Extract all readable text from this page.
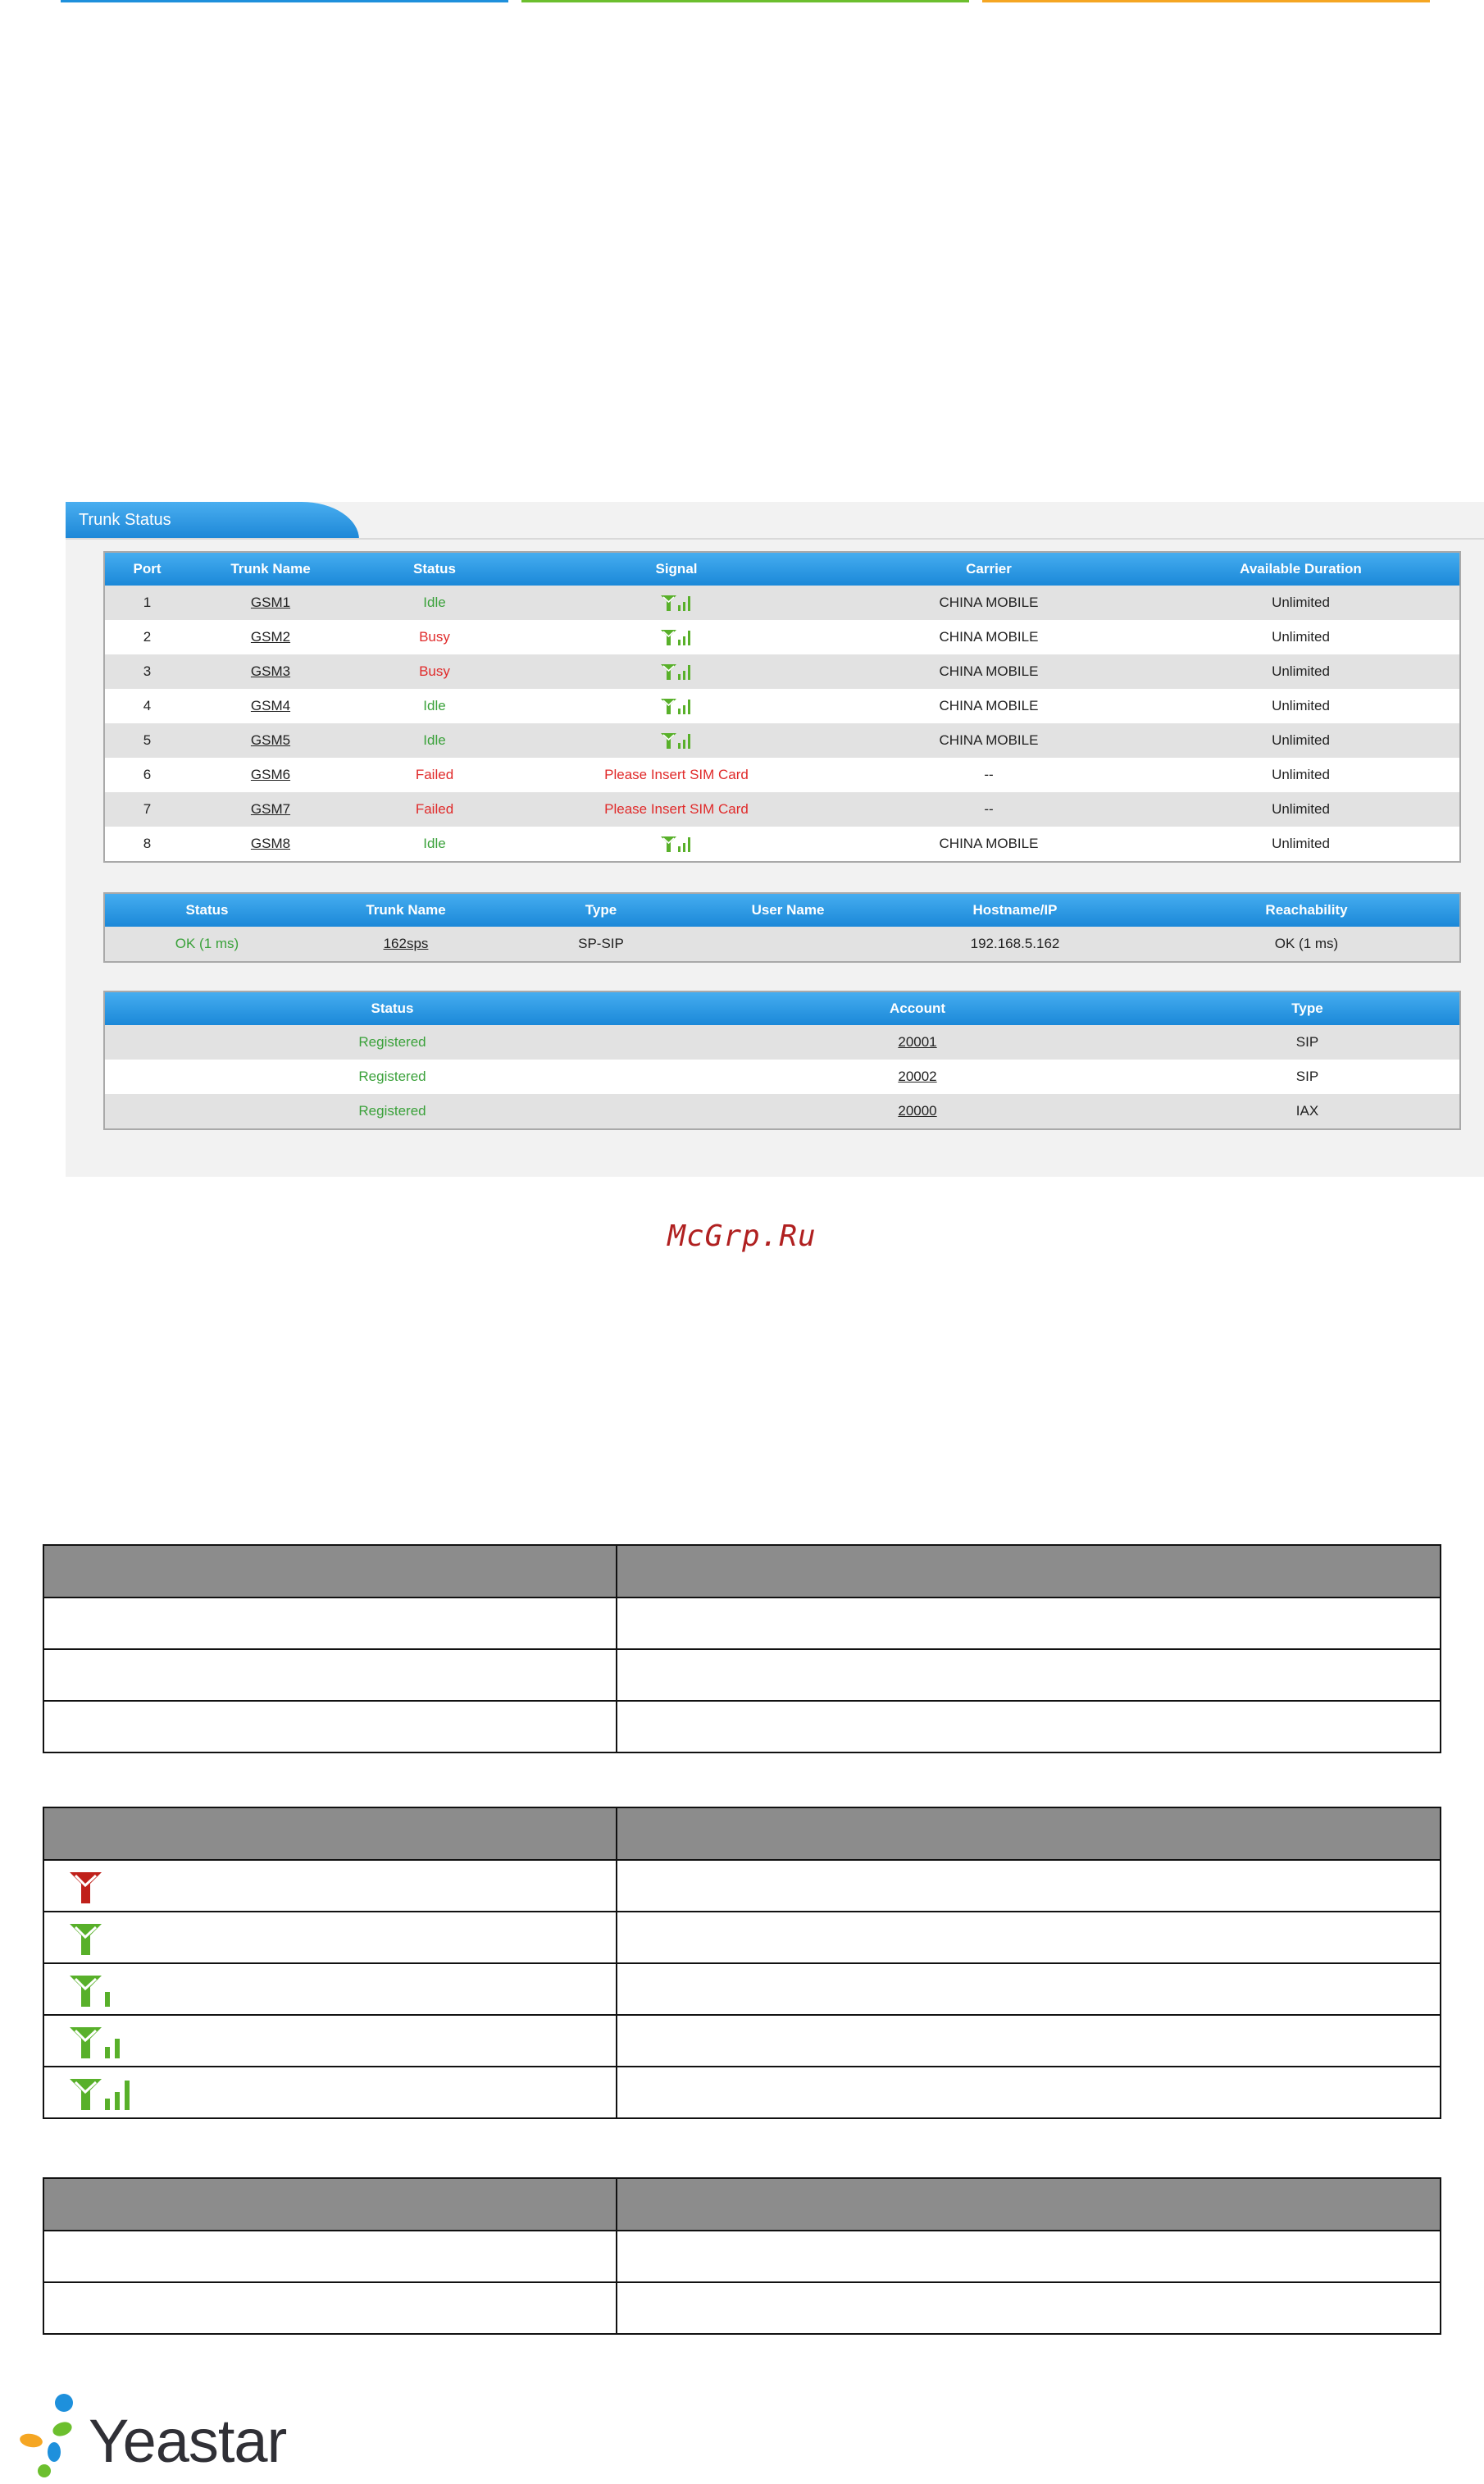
Trunk Status
Port	Trunk Name	Status	Signal	Carrier	Available Duration
1	GSM1	Idle		CHINA MOBILE	Unlimited
2	GSM2	Busy		CHINA MOBILE	Unlimited
3	GSM3	Busy		CHINA MOBILE	Unlimited
4	GSM4	Idle		CHINA MOBILE	Unlimited
5	GSM5	Idle		CHINA MOBILE	Unlimited
6	GSM6	Failed	Please Insert SIM Card	--	Unlimited
7	GSM7	Failed	Please Insert SIM Card	--	Unlimited
8	GSM8	Idle		CHINA MOBILE	Unlimited
Status	Trunk Name	Type	User Name	Hostname/IP	Reachability
OK (1 ms)	162sps	SP-SIP		192.168.5.162	OK (1 ms)
Status	Account	Type
Registered	20001	SIP
Registered	20002	SIP
Registered	20000	IAX
McGrp.Ru

Yeastar
